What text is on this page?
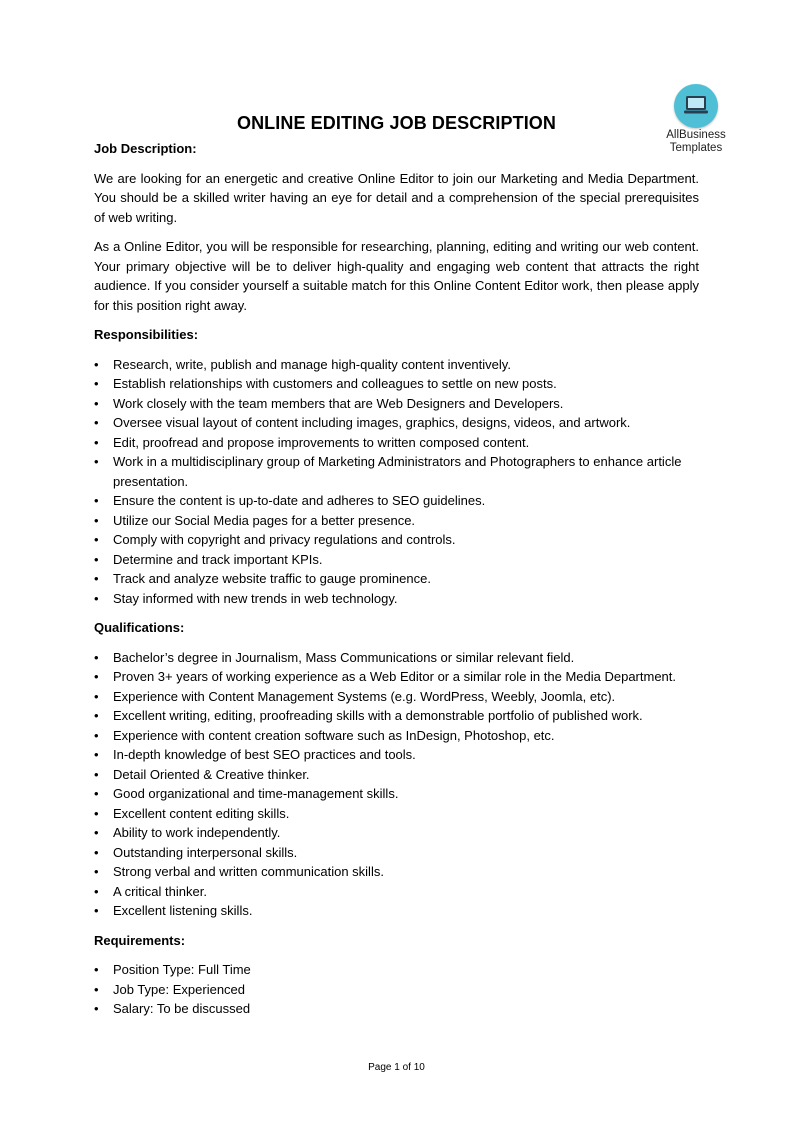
AllBusiness
Templates
ONLINE EDITING JOB DESCRIPTION

Job Description:

We are looking for an energetic and creative Online Editor to join our Marketing and Media Department. You should be a skilled writer having an eye for detail and a comprehension of the special prerequisites of web writing.

As a Online Editor, you will be responsible for researching, planning, editing and writing our web content. Your primary objective will be to deliver high-quality and engaging web content that attracts the right audience. If you consider yourself a suitable match for this Online Content Editor work, then please apply for this position right away.

Responsibilities:

• Research, write, publish and manage high-quality content inventively.
• Establish relationships with customers and colleagues to settle on new posts.
• Work closely with the team members that are Web Designers and Developers.
• Oversee visual layout of content including images, graphics, designs, videos, and artwork.
• Edit, proofread and propose improvements to written composed content.
• Work in a multidisciplinary group of Marketing Administrators and Photographers to enhance article presentation.
• Ensure the content is up-to-date and adheres to SEO guidelines.
• Utilize our Social Media pages for a better presence.
• Comply with copyright and privacy regulations and controls.
• Determine and track important KPIs.
• Track and analyze website traffic to gauge prominence.
• Stay informed with new trends in web technology.

Qualifications:

• Bachelor’s degree in Journalism, Mass Communications or similar relevant field.
• Proven 3+ years of working experience as a Web Editor or a similar role in the Media Department.
• Experience with Content Management Systems (e.g. WordPress, Weebly, Joomla, etc).
• Excellent writing, editing, proofreading skills with a demonstrable portfolio of published work.
• Experience with content creation software such as InDesign, Photoshop, etc.
• In-depth knowledge of best SEO practices and tools.
• Detail Oriented & Creative thinker.
• Good organizational and time-management skills.
• Excellent content editing skills.
• Ability to work independently.
• Outstanding interpersonal skills.
• Strong verbal and written communication skills.
• A critical thinker.
• Excellent listening skills.

Requirements:

• Position Type: Full Time
• Job Type: Experienced
• Salary: To be discussed
Page 1 of 10
